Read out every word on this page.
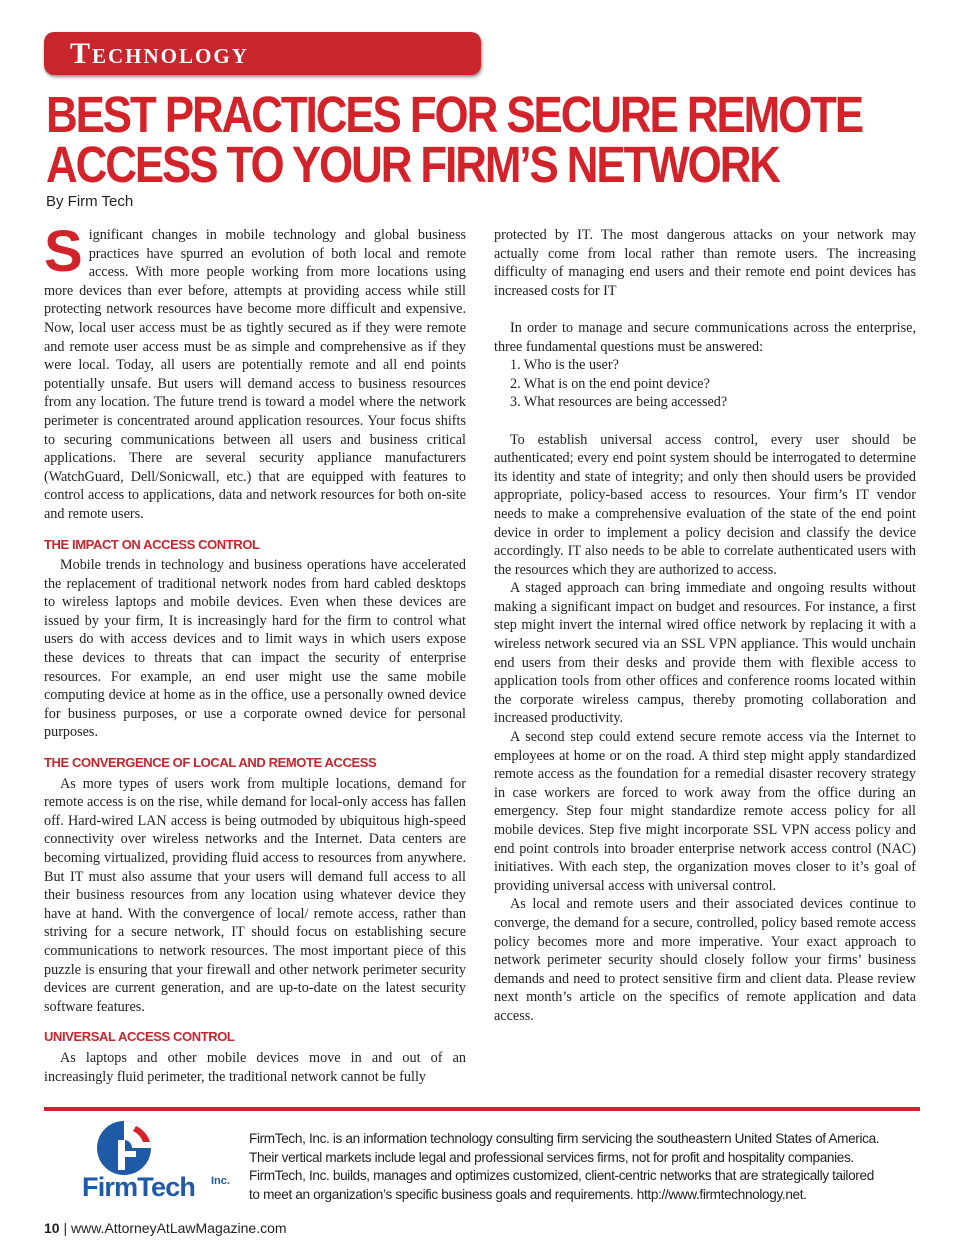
Technology
BEST PRACTICES FOR SECURE REMOTE
ACCESS TO YOUR FIRM’S NETWORK
By Firm Tech

Significant changes in mobile technology and global business practices have spurred an evolution of both local and remote access. With more people working from more locations using more devices than ever before, attempts at providing access while still protecting network resources have become more difficult and expensive. Now, local user access must be as tightly secured as if they were remote and remote user access must be as simple and comprehensive as if they were local. Today, all users are potentially remote and all end points potentially unsafe. But users will demand access to business resources from any location. The future trend is toward a model where the network perimeter is concentrated around application resources. Your focus shifts to securing communications between all users and business critical applications. There are several security appliance manufacturers (WatchGuard, Dell/Sonicwall, etc.) that are equipped with features to control access to applications, data and network resources for both on-site and remote users.

THE IMPACT ON ACCESS CONTROL

Mobile trends in technology and business operations have accelerated the replacement of traditional network nodes from hard cabled desktops to wireless laptops and mobile devices. Even when these devices are issued by your firm, It is increasingly hard for the firm to control what users do with access devices and to limit ways in which users expose these devices to threats that can impact the security of enterprise resources. For example, an end user might use the same mobile computing device at home as in the office, use a personally owned device for business purposes, or use a corporate owned device for personal purposes.

THE CONVERGENCE OF LOCAL AND REMOTE ACCESS

As more types of users work from multiple locations, demand for remote access is on the rise, while demand for local-only access has fallen off. Hard-wired LAN access is being outmoded by ubiquitous high-speed connectivity over wireless networks and the Internet. Data centers are becoming virtualized, providing fluid access to resources from anywhere. But IT must also assume that your users will demand full access to all their business resources from any location using whatever device they have at hand. With the convergence of local/ remote access, rather than striving for a secure network, IT should focus on establishing secure communications to network resources. The most important piece of this puzzle is ensuring that your firewall and other network perimeter security devices are current generation, and are up-to-date on the latest security software features.

UNIVERSAL ACCESS CONTROL

As laptops and other mobile devices move in and out of an increasingly fluid perimeter, the traditional network cannot be fully

protected by IT. The most dangerous attacks on your network may actually come from local rather than remote users. The increasing difficulty of managing end users and their remote end point devices has increased costs for IT

In order to manage and secure communications across the enterprise, three fundamental questions must be answered:

1. Who is the user?
2. What is on the end point device?
3. What resources are being accessed?

To establish universal access control, every user should be authenticated; every end point system should be interrogated to determine its identity and state of integrity; and only then should users be provided appropriate, policy-based access to resources. Your firm’s IT vendor needs to make a comprehensive evaluation of the state of the end point device in order to implement a policy decision and classify the device accordingly. IT also needs to be able to correlate authenticated users with the resources which they are authorized to access.

A staged approach can bring immediate and ongoing results without making a significant impact on budget and resources. For instance, a first step might invert the internal wired office network by replacing it with a wireless network secured via an SSL VPN appliance. This would unchain end users from their desks and provide them with flexible access to application tools from other offices and conference rooms located within the corporate wireless campus, thereby promoting collaboration and increased productivity.

A second step could extend secure remote access via the Internet to employees at home or on the road. A third step might apply standardized remote access as the foundation for a remedial disaster recovery strategy in case workers are forced to work away from the office during an emergency. Step four might standardize remote access policy for all mobile devices. Step five might incorporate SSL VPN access policy and end point controls into broader enterprise network access control (NAC) initiatives. With each step, the organization moves closer to it’s goal of providing universal access with universal control.

As local and remote users and their associated devices continue to converge, the demand for a secure, controlled, policy based remote access policy becomes more and more imperative. Your exact approach to network perimeter security should closely follow your firms’ business demands and need to protect sensitive firm and client data. Please review next month’s article on the specifics of remote application and data access.

FirmTech Inc.

FirmTech, Inc. is an information technology consulting firm servicing the southeastern United States of America.

Their vertical markets include legal and professional services firms, not for profit and hospitality companies.

FirmTech, Inc. builds, manages and optimizes customized, client-centric networks that are strategically tailored

to meet an organization’s specific business goals and requirements. http://www.firmtechnology.net.

10 | www.AttorneyAtLawMagazine.com
